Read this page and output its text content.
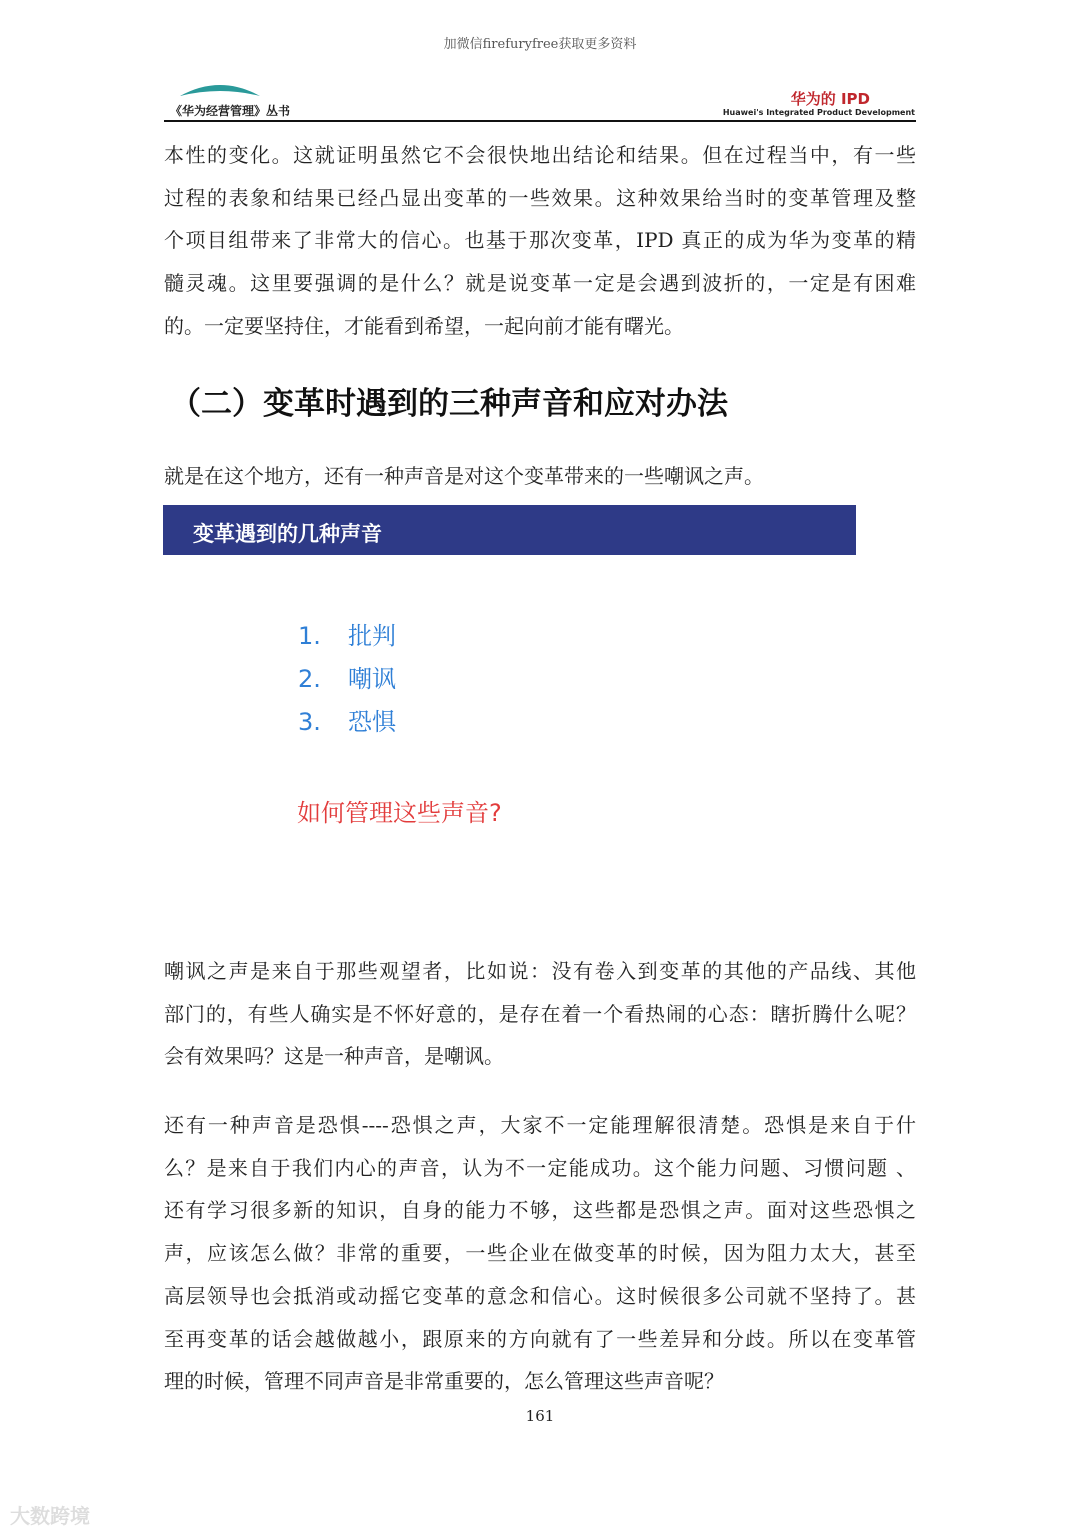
加微信firefuryfree获取更多资料
《华为经营管理》丛书
华为的 IPD
Huawei's Integrated Product Development
本性的变化。这就证明虽然它不会很快地出结论和结果。但在过程当中，有一些
过程的表象和结果已经凸显出变革的一些效果。这种效果给当时的变革管理及整
个项目组带来了非常大的信心。也基于那次变革，IPD 真正的成为华为变革的精
髓灵魂。这里要强调的是什么？就是说变革一定是会遇到波折的，一定是有困难
的。一定要坚持住，才能看到希望，一起向前才能有曙光。
（二）变革时遇到的三种声音和应对办法
就是在这个地方，还有一种声音是对这个变革带来的一些嘲讽之声。
变革遇到的几种声音
1. 批判
2. 嘲讽
3. 恐惧
如何管理这些声音?
嘲讽之声是来自于那些观望者，比如说：没有卷入到变革的其他的产品线、其他
部门的，有些人确实是不怀好意的，是存在着一个看热闹的心态：瞎折腾什么呢？
会有效果吗？这是一种声音，是嘲讽。
还有一种声音是恐惧----恐惧之声，大家不一定能理解很清楚。恐惧是来自于什
么？是来自于我们内心的声音，认为不一定能成功。这个能力问题、习惯问题 、
还有学习很多新的知识，自身的能力不够，这些都是恐惧之声。面对这些恐惧之
声，应该怎么做？非常的重要，一些企业在做变革的时候，因为阻力太大，甚至
高层领导也会抵消或动摇它变革的意念和信心。这时候很多公司就不坚持了。甚
至再变革的话会越做越小，跟原来的方向就有了一些差异和分歧。所以在变革管
理的时候，管理不同声音是非常重要的，怎么管理这些声音呢？
161
大数跨境
